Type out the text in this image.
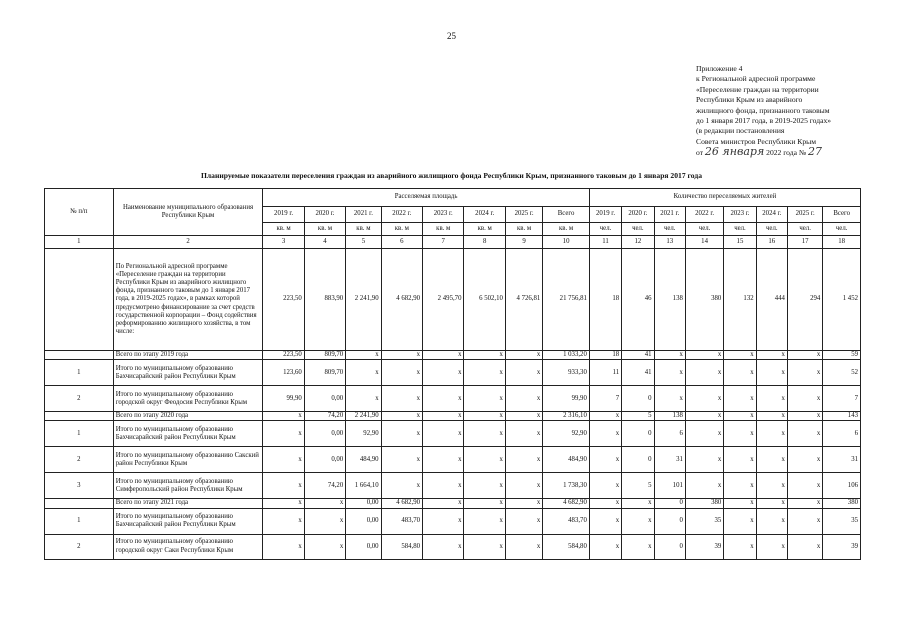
25
Приложение 4
к Региональной адресной программе
«Переселение граждан на территории
Республики Крым из аварийного
жилищного фонда, признанного таковым
до 1 января 2017 года, в 2019-2025 годах»
(в редакции постановления
Совета министров Республики Крым
от 26 января 2022 года № 27
Планируемые показатели переселения граждан из аварийного жилищного фонда Республики Крым, признанного таковым до 1 января 2017 года
№ п/п	Наименование муниципального образования Республики Крым	Расселяемая площадь								Количество переселяемых жителей							
		2019 г.	2020 г.	2021 г.	2022 г.	2023 г.	2024 г.	2025 г.	Всего	2019 г.	2020 г.	2021 г.	2022 г.	2023 г.	2024 г.	2025 г.	Всего
		кв. м	кв. м	кв. м	кв. м	кв. м	кв. м	кв. м	кв. м	чел.	чел.	чел.	чел.	чел.	чел.	чел.	чел.
1	2	3	4	5	6	7	8	9	10	11	12	13	14	15	16	17	18
	По Региональной адресной программе «Переселение граждан на территории Республики Крым из аварийного жилищного фонда, признанного таковым до 1 января 2017 года, в 2019-2025 годах», в рамках которой предусмотрено финансирование за счет средств государственной корпорации – Фонд содействия реформированию жилищного хозяйства, в том числе:	223,50	883,90	2 241,90	4 682,90	2 495,70	6 502,10	4 726,81	21 756,81	18	46	138	380	132	444	294	1 452
	Всего по этапу 2019 года	223,50	809,70	x	x	x	x	x	1 033,20	18	41	x	x	x	x	x	59
1	Итого по муниципальному образованию Бахчисарайский район Республики Крым	123,60	809,70	x	x	x	x	x	933,30	11	41	x	x	x	x	x	52
2	Итого по муниципальному образованию городской округ Феодосия Республики Крым	99,90	0,00	x	x	x	x	x	99,90	7	0	x	x	x	x	x	7
	Всего по этапу 2020 года	x	74,20	2 241,90	x	x	x	x	2 316,10	x	5	138	x	x	x	x	143
1	Итого по муниципальному образованию Бахчисарайский район Республики Крым	x	0,00	92,90	x	x	x	x	92,90	x	0	6	x	x	x	x	6
2	Итого по муниципальному образованию Сакский район Республики Крым	x	0,00	484,90	x	x	x	x	484,90	x	0	31	x	x	x	x	31
3	Итого по муниципальному образованию Симферопольский район Республики Крым	x	74,20	1 664,10	x	x	x	x	1 738,30	x	5	101	x	x	x	x	106
	Всего по этапу 2021 года	x	x	0,00	4 682,90	x	x	x	4 682,90	x	x	0	380	x	x	x	380
1	Итого по муниципальному образованию Бахчисарайский район Республики Крым	x	x	0,00	483,70	x	x	x	483,70	x	x	0	35	x	x	x	35
2	Итого по муниципальному образованию городской округ Саки Республики Крым	x	x	0,00	584,80	x	x	x	584,80	x	x	0	39	x	x	x	39
